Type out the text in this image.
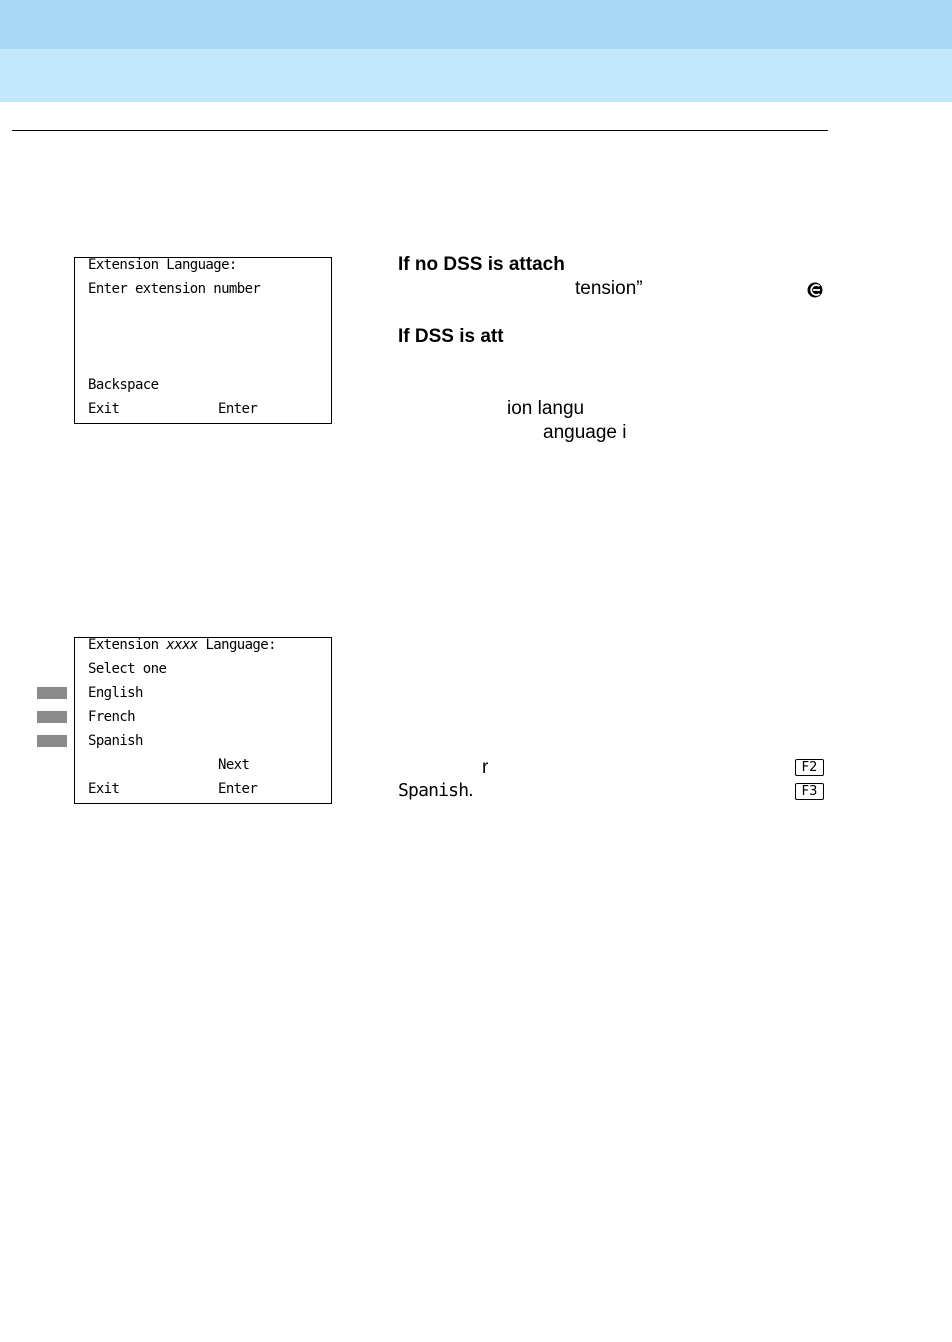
Extension Language:
Enter extension number
Backspace
Exit	Enter
Extension xxxx Language:
Select one
English
French
Spanish
Next
Exit	Enter
If no DSS is attach
tension”
If DSS is att
ion langu
anguage i
r
Spanish.
F2
F3
